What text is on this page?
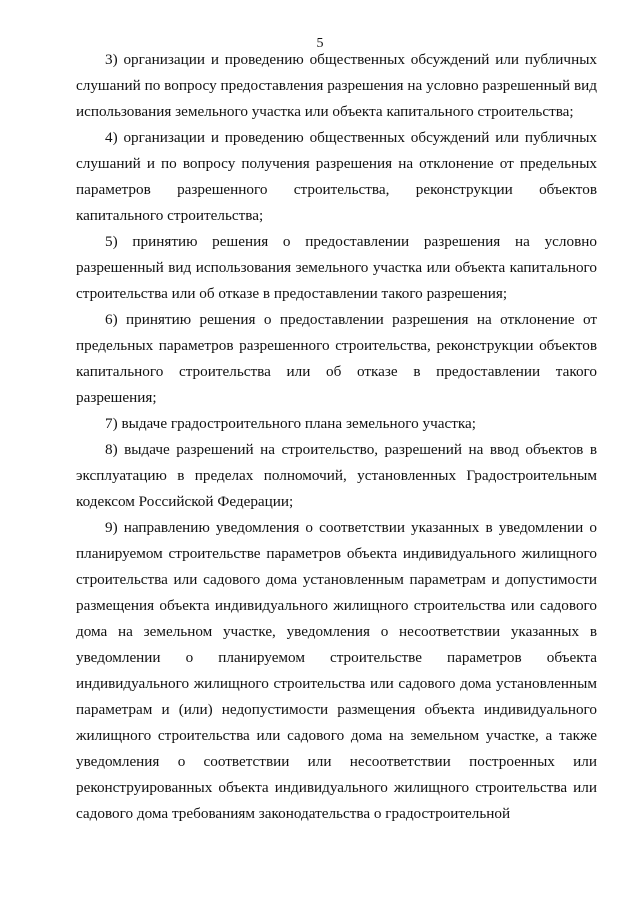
5

3) организации и проведению общественных обсуждений или публичных слушаний по вопросу предоставления разрешения на условно разрешенный вид использования земельного участка или объекта капитального строительства;

4) организации и проведению общественных обсуждений или публичных слушаний и по вопросу получения разрешения на отклонение от предельных параметров разрешенного строительства, реконструкции объектов капитального строительства;

5) принятию решения о предоставлении разрешения на условно разрешенный вид использования земельного участка или объекта капитального строительства или об отказе в предоставлении такого разрешения;

6) принятию решения о предоставлении разрешения на отклонение от предельных параметров разрешенного строительства, реконструкции объектов капитального строительства или об отказе в предоставлении такого разрешения;

7) выдаче градостроительного плана земельного участка;

8) выдаче разрешений на строительство, разрешений на ввод объектов в эксплуатацию в пределах полномочий, установленных Градостроительным кодексом Российской Федерации;

9) направлению уведомления о соответствии указанных в уведомлении о планируемом строительстве параметров объекта индивидуального жилищного строительства или садового дома установленным параметрам и допустимости размещения объекта индивидуального жилищного строительства или садового дома на земельном участке, уведомления о несоответствии указанных в уведомлении о планируемом строительстве параметров объекта индивидуального жилищного строительства или садового дома установленным параметрам и (или) недопустимости размещения объекта индивидуального жилищного строительства или садового дома на земельном участке, а также уведомления о соответствии или несоответствии построенных или реконструированных объекта индивидуального жилищного строительства или садового дома требованиям законодательства о градостроительной
